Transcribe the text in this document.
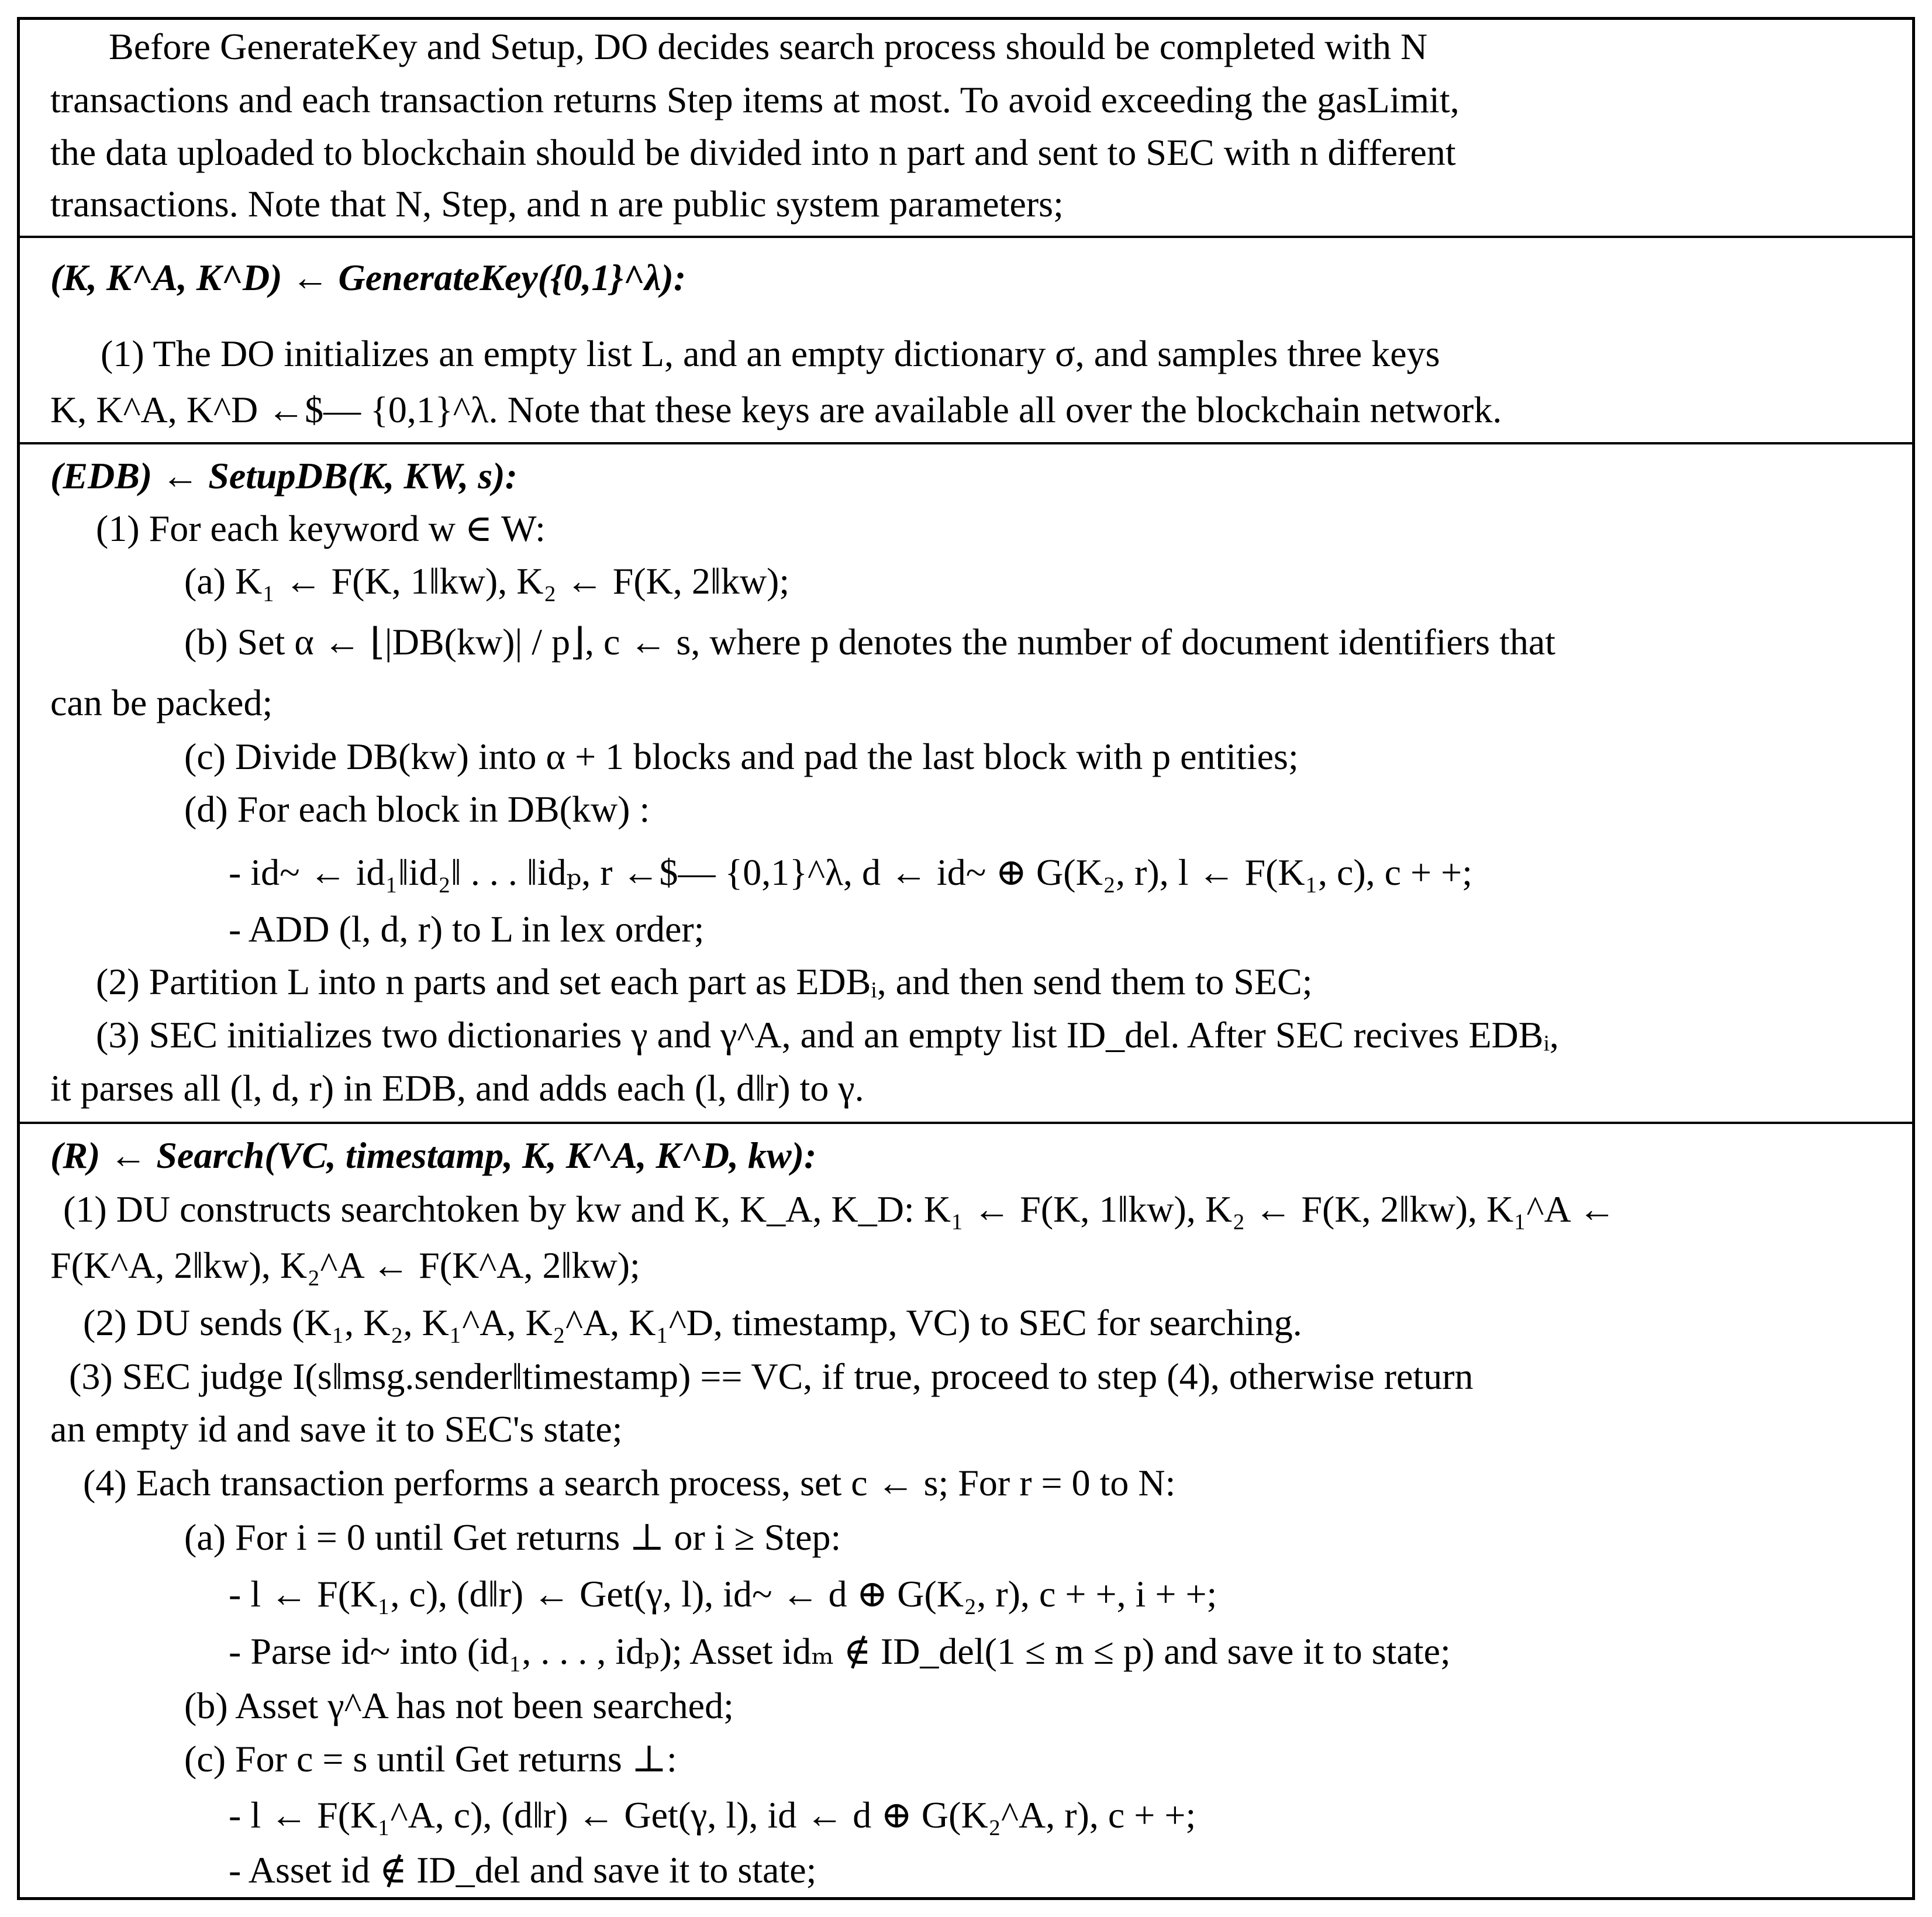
Before GenerateKey and Setup, DO decides search process should be completed with N
transactions and each transaction returns Step items at most. To avoid exceeding the gasLimit,
the data uploaded to blockchain should be divided into n part and sent to SEC with n different
transactions. Note that N, Step, and n are public system parameters;
(K, K^A, K^D) ← GenerateKey({0,1}^λ):
(1) The DO initializes an empty list L, and an empty dictionary σ, and samples three keys
K, K^A, K^D ←$— {0,1}^λ. Note that these keys are available all over the blockchain network.
(EDB) ← SetupDB(K, KW, s):
(1) For each keyword w ∈ W:
(a) K₁ ← F(K, 1‖kw), K₂ ← F(K, 2‖kw);
(b) Set α ← ⌊|DB(kw)| / p⌋, c ← s, where p denotes the number of document identifiers that
can be packed;
(c) Divide DB(kw) into α + 1 blocks and pad the last block with p entities;
(d) For each block in DB(kw) :
- id~ ← id₁‖id₂‖ . . . ‖idₚ, r ←$— {0,1}^λ, d ← id~ ⊕ G(K₂, r), l ← F(K₁, c), c + +;
- ADD (l, d, r) to L in lex order;
(2) Partition L into n parts and set each part as EDBᵢ, and then send them to SEC;
(3) SEC initializes two dictionaries γ and γ^A, and an empty list ID_del. After SEC recives EDBᵢ,
it parses all (l, d, r) in EDB, and adds each (l, d‖r) to γ.
(R) ← Search(VC, timestamp, K, K^A, K^D, kw):
(1) DU constructs searchtoken by kw and K, K_A, K_D: K₁ ← F(K, 1‖kw), K₂ ← F(K, 2‖kw), K₁^A ←
F(K^A, 2‖kw), K₂^A ← F(K^A, 2‖kw);
(2) DU sends (K₁, K₂, K₁^A, K₂^A, K₁^D, timestamp, VC) to SEC for searching.
(3) SEC judge I(s‖msg.sender‖timestamp) == VC, if true, proceed to step (4), otherwise return
an empty id and save it to SEC's state;
(4) Each transaction performs a search process, set c ← s; For r = 0 to N:
(a) For i = 0 until Get returns ⊥ or i ≥ Step:
- l ← F(K₁, c), (d‖r) ← Get(γ, l), id~ ← d ⊕ G(K₂, r), c + +, i + +;
- Parse id~ into (id₁, . . . , idₚ); Asset idₘ ∉ ID_del(1 ≤ m ≤ p) and save it to state;
(b) Asset γ^A has not been searched;
(c) For c = s until Get returns ⊥:
- l ← F(K₁^A, c), (d‖r) ← Get(γ, l), id ← d ⊕ G(K₂^A, r), c + +;
- Asset id ∉ ID_del and save it to state;
